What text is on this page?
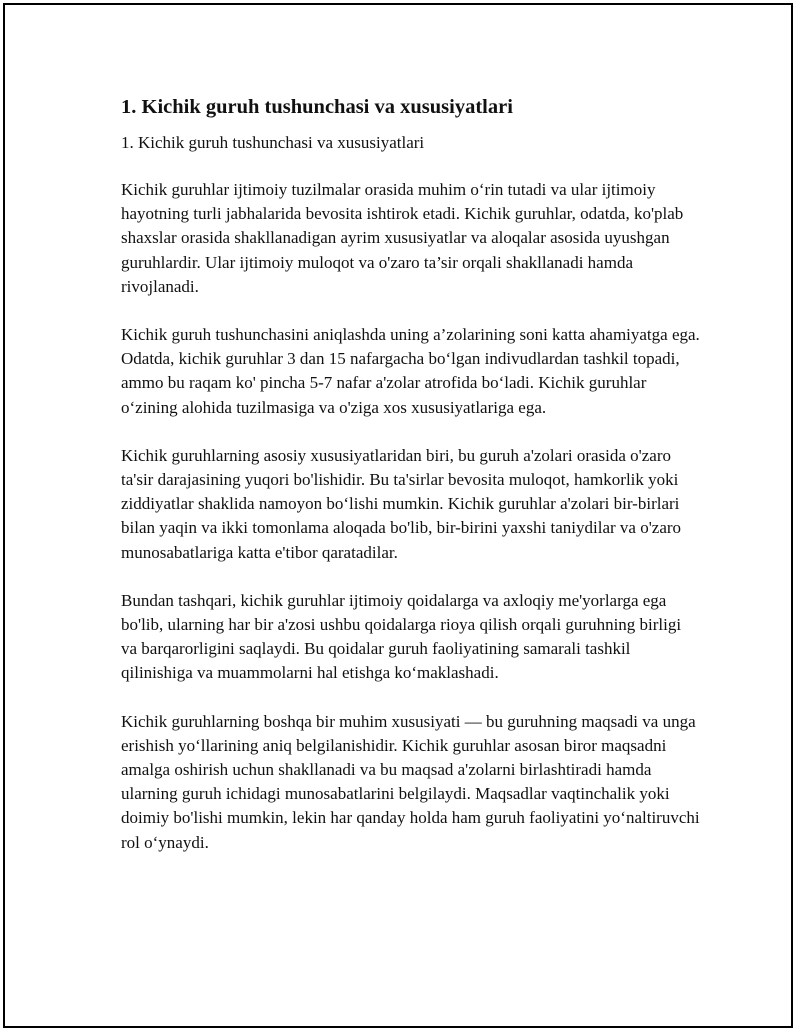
1. Kichik guruh tushunchasi va xususiyatlari
1. Kichik guruh tushunchasi va xususiyatlari

Kichik guruhlar ijtimoiy tuzilmalar orasida muhim o‘rin tutadi va ular ijtimoiy hayotning turli jabhalarida bevosita ishtirok etadi. Kichik guruhlar, odatda, ko'plab shaxslar orasida shakllanadigan ayrim xususiyatlar va aloqalar asosida uyushgan guruhlardir. Ular ijtimoiy muloqot va o'zaro ta’sir orqali shakllanadi hamda rivojlanadi.

Kichik guruh tushunchasini aniqlashda uning a’zolarining soni katta ahamiyatga ega. Odatda, kichik guruhlar 3 dan 15 nafargacha bo‘lgan indivudlardan tashkil topadi, ammo bu raqam ko' pincha 5-7 nafar a'zolar atrofida bo‘ladi. Kichik guruhlar o‘zining alohida tuzilmasiga va o'ziga xos xususiyatlariga ega.

Kichik guruhlarning asosiy xususiyatlaridan biri, bu guruh a'zolari orasida o'zaro ta'sir darajasining yuqori bo'lishidir. Bu ta'sirlar bevosita muloqot, hamkorlik yoki ziddiyatlar shaklida namoyon bo‘lishi mumkin. Kichik guruhlar a'zolari bir-birlari bilan yaqin va ikki tomonlama aloqada bo'lib, bir-birini yaxshi taniydilar va o'zaro munosabatlariga katta e'tibor qaratadilar.

Bundan tashqari, kichik guruhlar ijtimoiy qoidalarga va axloqiy me'yorlarga ega bo'lib, ularning har bir a'zosi ushbu qoidalarga rioya qilish orqali guruhning birligi va barqarorligini saqlaydi. Bu qoidalar guruh faoliyatining samarali tashkil qilinishiga va muammolarni hal etishga ko‘maklashadi.

Kichik guruhlarning boshqa bir muhim xususiyati — bu guruhning maqsadi va unga erishish yo‘llarining aniq belgilanishidir. Kichik guruhlar asosan biror maqsadni amalga oshirish uchun shakllanadi va bu maqsad a'zolarni birlashtiradi hamda ularning guruh ichidagi munosabatlarini belgilaydi. Maqsadlar vaqtinchalik yoki doimiy bo'lishi mumkin, lekin har qanday holda ham guruh faoliyatini yo‘naltiruvchi rol o‘ynaydi.
